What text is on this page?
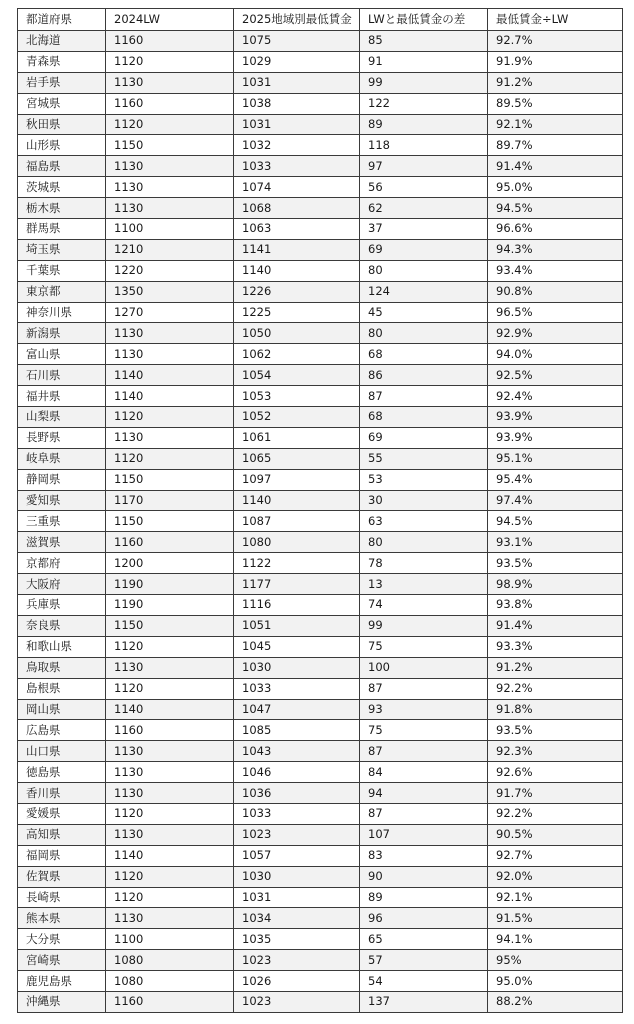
都道府県	2024LW	2025地域別最低賃金	LWと最低賃金の差	最低賃金÷LW
北海道	1160	1075	85	92.7%
青森県	1120	1029	91	91.9%
岩手県	1130	1031	99	91.2%
宮城県	1160	1038	122	89.5%
秋田県	1120	1031	89	92.1%
山形県	1150	1032	118	89.7%
福島県	1130	1033	97	91.4%
茨城県	1130	1074	56	95.0%
栃木県	1130	1068	62	94.5%
群馬県	1100	1063	37	96.6%
埼玉県	1210	1141	69	94.3%
千葉県	1220	1140	80	93.4%
東京都	1350	1226	124	90.8%
神奈川県	1270	1225	45	96.5%
新潟県	1130	1050	80	92.9%
富山県	1130	1062	68	94.0%
石川県	1140	1054	86	92.5%
福井県	1140	1053	87	92.4%
山梨県	1120	1052	68	93.9%
長野県	1130	1061	69	93.9%
岐阜県	1120	1065	55	95.1%
静岡県	1150	1097	53	95.4%
愛知県	1170	1140	30	97.4%
三重県	1150	1087	63	94.5%
滋賀県	1160	1080	80	93.1%
京都府	1200	1122	78	93.5%
大阪府	1190	1177	13	98.9%
兵庫県	1190	1116	74	93.8%
奈良県	1150	1051	99	91.4%
和歌山県	1120	1045	75	93.3%
鳥取県	1130	1030	100	91.2%
島根県	1120	1033	87	92.2%
岡山県	1140	1047	93	91.8%
広島県	1160	1085	75	93.5%
山口県	1130	1043	87	92.3%
徳島県	1130	1046	84	92.6%
香川県	1130	1036	94	91.7%
愛媛県	1120	1033	87	92.2%
高知県	1130	1023	107	90.5%
福岡県	1140	1057	83	92.7%
佐賀県	1120	1030	90	92.0%
長崎県	1120	1031	89	92.1%
熊本県	1130	1034	96	91.5%
大分県	1100	1035	65	94.1%
宮崎県	1080	1023	57	95%
鹿児島県	1080	1026	54	95.0%
沖縄県	1160	1023	137	88.2%
